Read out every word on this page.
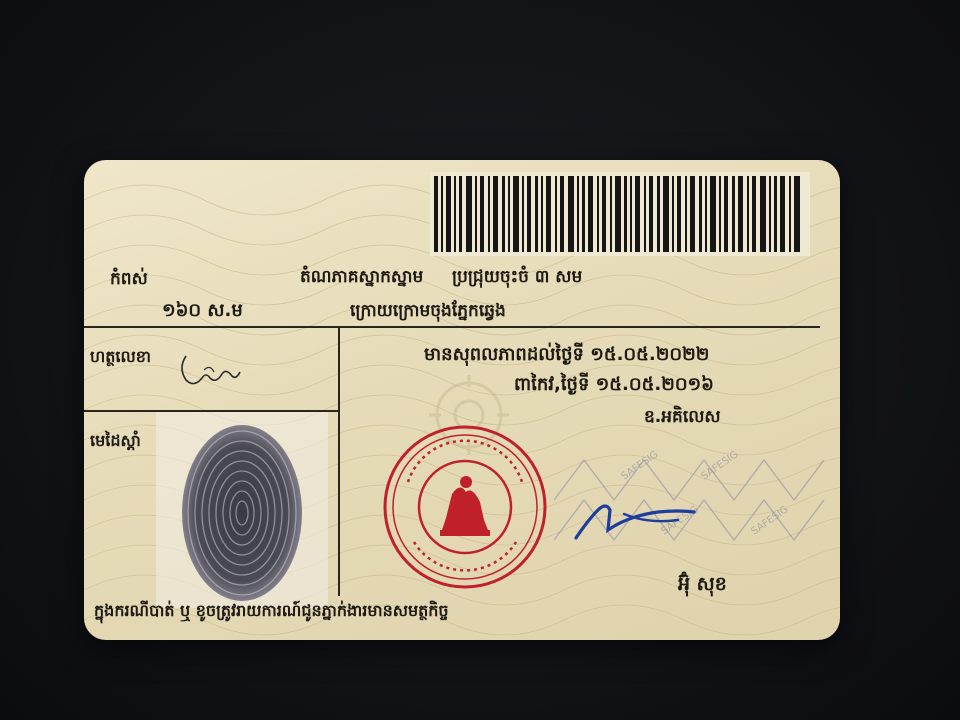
កំពស់
១៦០ ស.ម
តំណភាគស្នាកស្នាម ប្រជ្រុយចុះចំ ៣ សម
ក្រោយក្រោមចុងភ្នែកឆ្វេង
ហត្ថលេខា
មេដៃស្តាំ
មានសុពលភាពដល់ថ្ងៃទី ១៥.០៥.២០២២
ពាកៃវ,ថ្ងៃទី ១៥.០៥.២០១៦
ឧ.អគិលេស
SAFESIG	SAFESIG
SAFESIG	SAFESIG
អ៊ុំ សុខ
ក្នុងករណីបាត់ ឬ ខូចត្រូវរាយការណ៍ជូនភ្នាក់ងារមានសមត្ថកិច្ច
